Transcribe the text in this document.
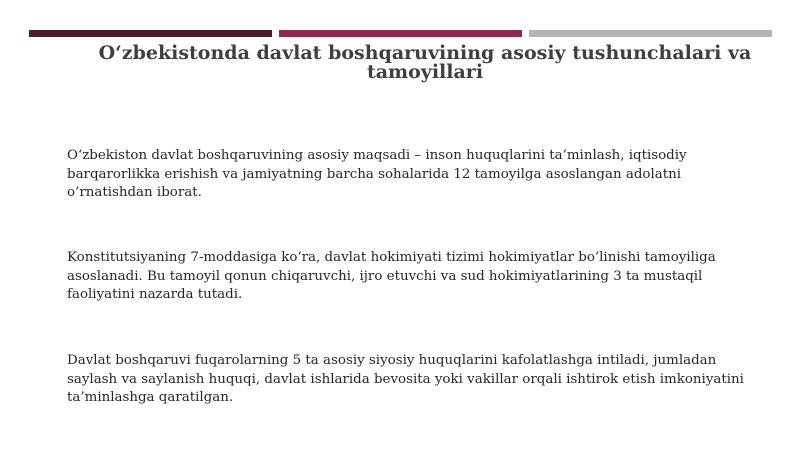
O‘zbekistonda davlat boshqaruvining asosiy tushunchalari va tamoyillari

O‘zbekiston davlat boshqaruvining asosiy maqsadi – inson huquqlarini ta’minlash, iqtisodiy barqarorlikka erishish va jamiyatning barcha sohalarida 12 tamoyilga asoslangan adolatni o‘rnatishdan iborat.

Konstitutsiyaning 7-moddasiga ko‘ra, davlat hokimiyati tizimi hokimiyatlar bo‘linishi tamoyiliga asoslanadi. Bu tamoyil qonun chiqaruvchi, ijro etuvchi va sud hokimiyatlarining 3 ta mustaqil faoliyatini nazarda tutadi.

Davlat boshqaruvi fuqarolarning 5 ta asosiy siyosiy huquqlarini kafolatlashga intiladi, jumladan saylash va saylanish huquqi, davlat ishlarida bevosita yoki vakillar orqali ishtirok etish imkoniyatini ta’minlashga qaratilgan.
